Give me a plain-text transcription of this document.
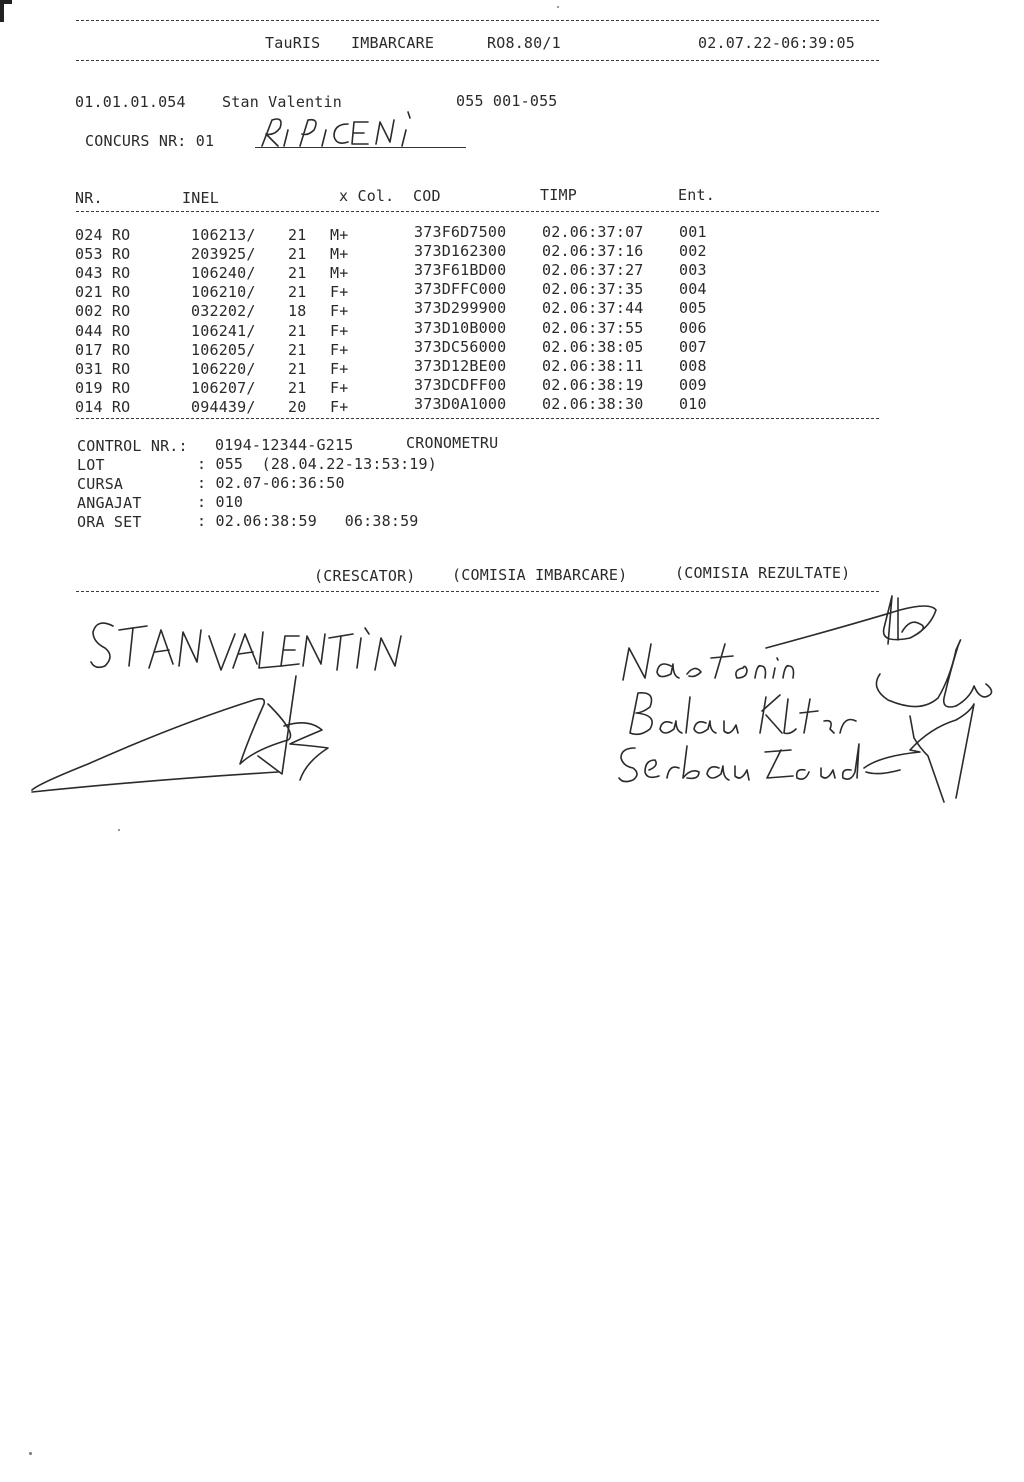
TauRIS IMBARCARE	RO8.80/1	02.07.22-06:39:05
01.01.01.054 Stan Valentin	055 001-055
CONCURS NR: 01
NR.	INEL	x Col. COD	TIMP	Ent.
024 RO	106213/ 21 M+	373F6D7500 02.06:37:07 001
053 RO	203925/ 21 M+	373D162300 02.06:37:16 002
043 RO	106240/ 21 M+	373F61BD00 02.06:37:27 003
021 RO	106210/ 21 F+	373DFFC000 02.06:37:35 004
002 RO	032202/ 18 F+	373D299900 02.06:37:44 005
044 RO	106241/ 21 F+	373D10B000 02.06:37:55 006
017 RO	106205/ 21 F+	373DC56000 02.06:38:05 007
031 RO	106220/ 21 F+	373D12BE00 02.06:38:11 008
019 RO	106207/ 21 F+	373DCDFF00 02.06:38:19 009
014 RO	094439/ 20 F+	373D0A1000 02.06:38:30 010
CONTROL NR.: 0194-12344-G215	CRONOMETRU
LOT	: 055  (28.04.22-13:53:19)
CURSA	: 02.07-06:36:50
ANGAJAT	: 010
ORA SET	: 02.06:38:59   06:38:59
(CRESCATOR) (COMISIA IMBARCARE)	(COMISIA REZULTATE)
